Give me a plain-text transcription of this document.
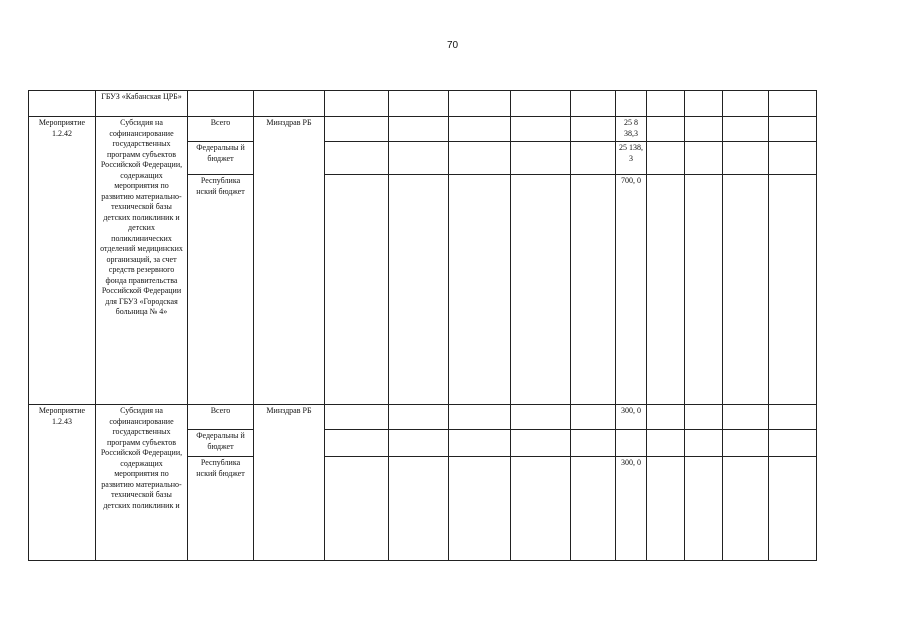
70
	ГБУЗ «Кабанская ЦРБ»												
Мероприятие 1.2.42	Субсидия на софинансирование государственных программ субъектов Российской Федерации, содержащих мероприятия по развитию материально-технической базы детских поликлиник и детских поликлинических отделений медицинских организаций, за счет средств резервного фонда правительства Российской Федерации для ГБУЗ «Городская больница № 4»	Всего	Минздрав РБ						25 8 38,3				
		Федеральны й бюджет							25 138, 3				
		Республика нский бюджет							700, 0				
Мероприятие 1.2.43	Субсидия на софинансирование государственных программ субъектов Российской Федерации, содержащих мероприятия по развитию материально-технической базы детских поликлиник и	Всего	Минздрав РБ						300, 0				
		Федеральны й бюджет											
		Республика нский бюджет							300, 0				
